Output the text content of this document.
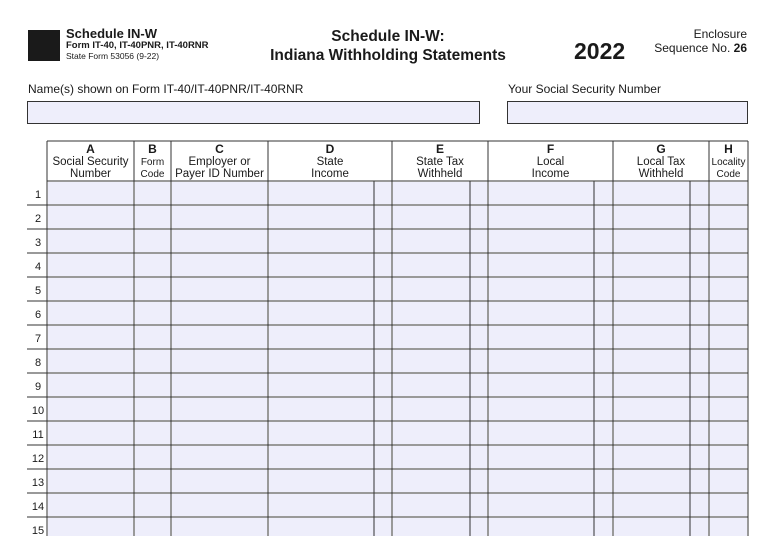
Schedule IN-W
Form IT-40, IT-40PNR, IT-40RNR
State Form 53056 (9-22)
Schedule IN-W:
Indiana Withholding Statements	2022
Enclosure
Sequence No. 26
Name(s) shown on Form IT-40/IT-40PNR/IT-40RNR	Your Social Security Number
1
2
3
4
5
6
7
8
9
10
11
12
13
14
15
A
Social Security
Number
B
Form
Code
C
Employer or
Payer ID Number
D
State
Income
E
State Tax
Withheld
F
Local
Income
G
Local Tax
Withheld
H
Locality
Code
